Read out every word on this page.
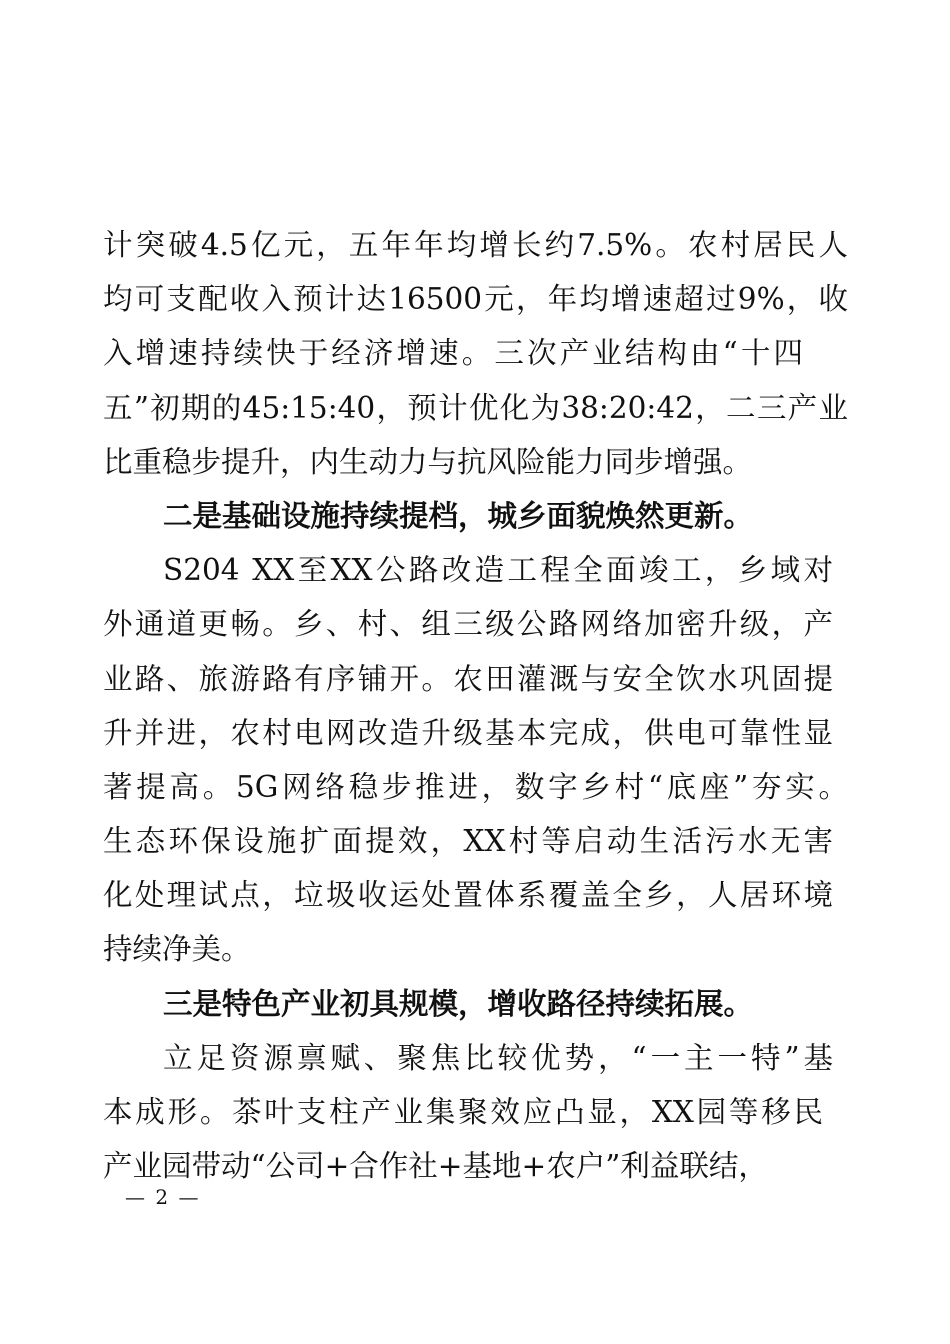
计突破4.5亿元，五年年均增长约7.5%。农村居民人
均可支配收入预计达16500元，年均增速超过9%，收
入增速持续快于经济增速。三次产业结构由“十四
五”初期的45:15:40，预计优化为38:20:42，二三产业
比重稳步提升，内生动力与抗风险能力同步增强。
二是基础设施持续提档，城乡面貌焕然更新。
S204 XX至XX公路改造工程全面竣工，乡域对
外通道更畅。乡、村、组三级公路网络加密升级，产
业路、旅游路有序铺开。农田灌溉与安全饮水巩固提
升并进，农村电网改造升级基本完成，供电可靠性显
著提高。5G网络稳步推进，数字乡村“底座”夯实。
生态环保设施扩面提效，XX村等启动生活污水无害
化处理试点，垃圾收运处置体系覆盖全乡，人居环境
持续净美。
三是特色产业初具规模，增收路径持续拓展。
立足资源禀赋、聚焦比较优势，“一主一特”基
本成形。茶叶支柱产业集聚效应凸显，XX园等移民
产业园带动“公司+合作社+基地+农户”利益联结，
— 2 —
